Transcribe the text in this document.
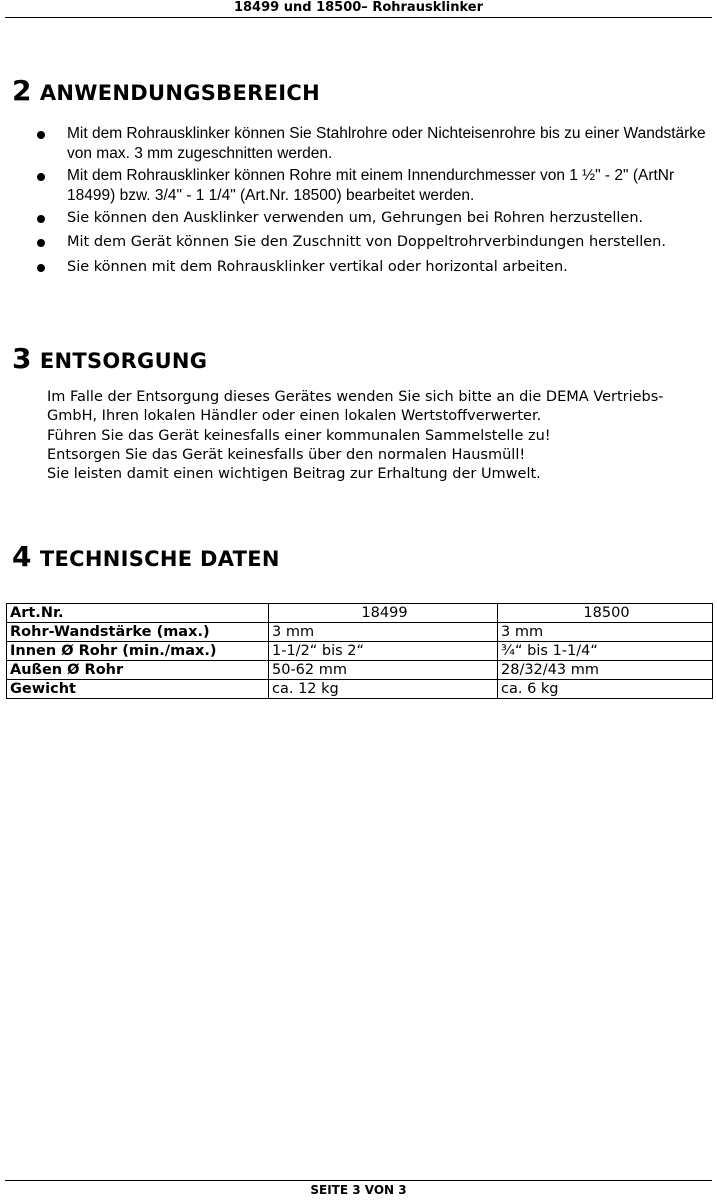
18499 und 18500– Rohrausklinker
2 ANWENDUNGSBEREICH
Mit dem Rohrausklinker können Sie Stahlrohre oder Nichteisenrohre bis zu einer Wandstärke von max. 3 mm zugeschnitten werden.
Mit dem Rohrausklinker können Rohre mit einem Innendurchmesser von 1 ½" - 2" (ArtNr 18499) bzw. 3/4" - 1 1/4" (Art.Nr. 18500) bearbeitet werden.
Sie können den Ausklinker verwenden um, Gehrungen bei Rohren herzustellen.
Mit dem Gerät können Sie den Zuschnitt von Doppeltrohrverbindungen herstellen.
Sie können mit dem Rohrausklinker vertikal oder horizontal arbeiten.
3 ENTSORGUNG
Im Falle der Entsorgung dieses Gerätes wenden Sie sich bitte an die DEMA Vertriebs-
GmbH, Ihren lokalen Händler oder einen lokalen Wertstoffverwerter.
Führen Sie das Gerät keinesfalls einer kommunalen Sammelstelle zu!
Entsorgen Sie das Gerät keinesfalls über den normalen Hausmüll!
Sie leisten damit einen wichtigen Beitrag zur Erhaltung der Umwelt.
4 TECHNISCHE DATEN
Art.Nr.	18499	18500
Rohr-Wandstärke (max.)	3 mm	3 mm
Innen Ø Rohr (min./max.)	1-1/2“ bis 2“	¾“ bis 1-1/4“
Außen Ø Rohr	50-62 mm	28/32/43 mm
Gewicht	ca. 12 kg	ca. 6 kg
SEITE 3 VON 3
